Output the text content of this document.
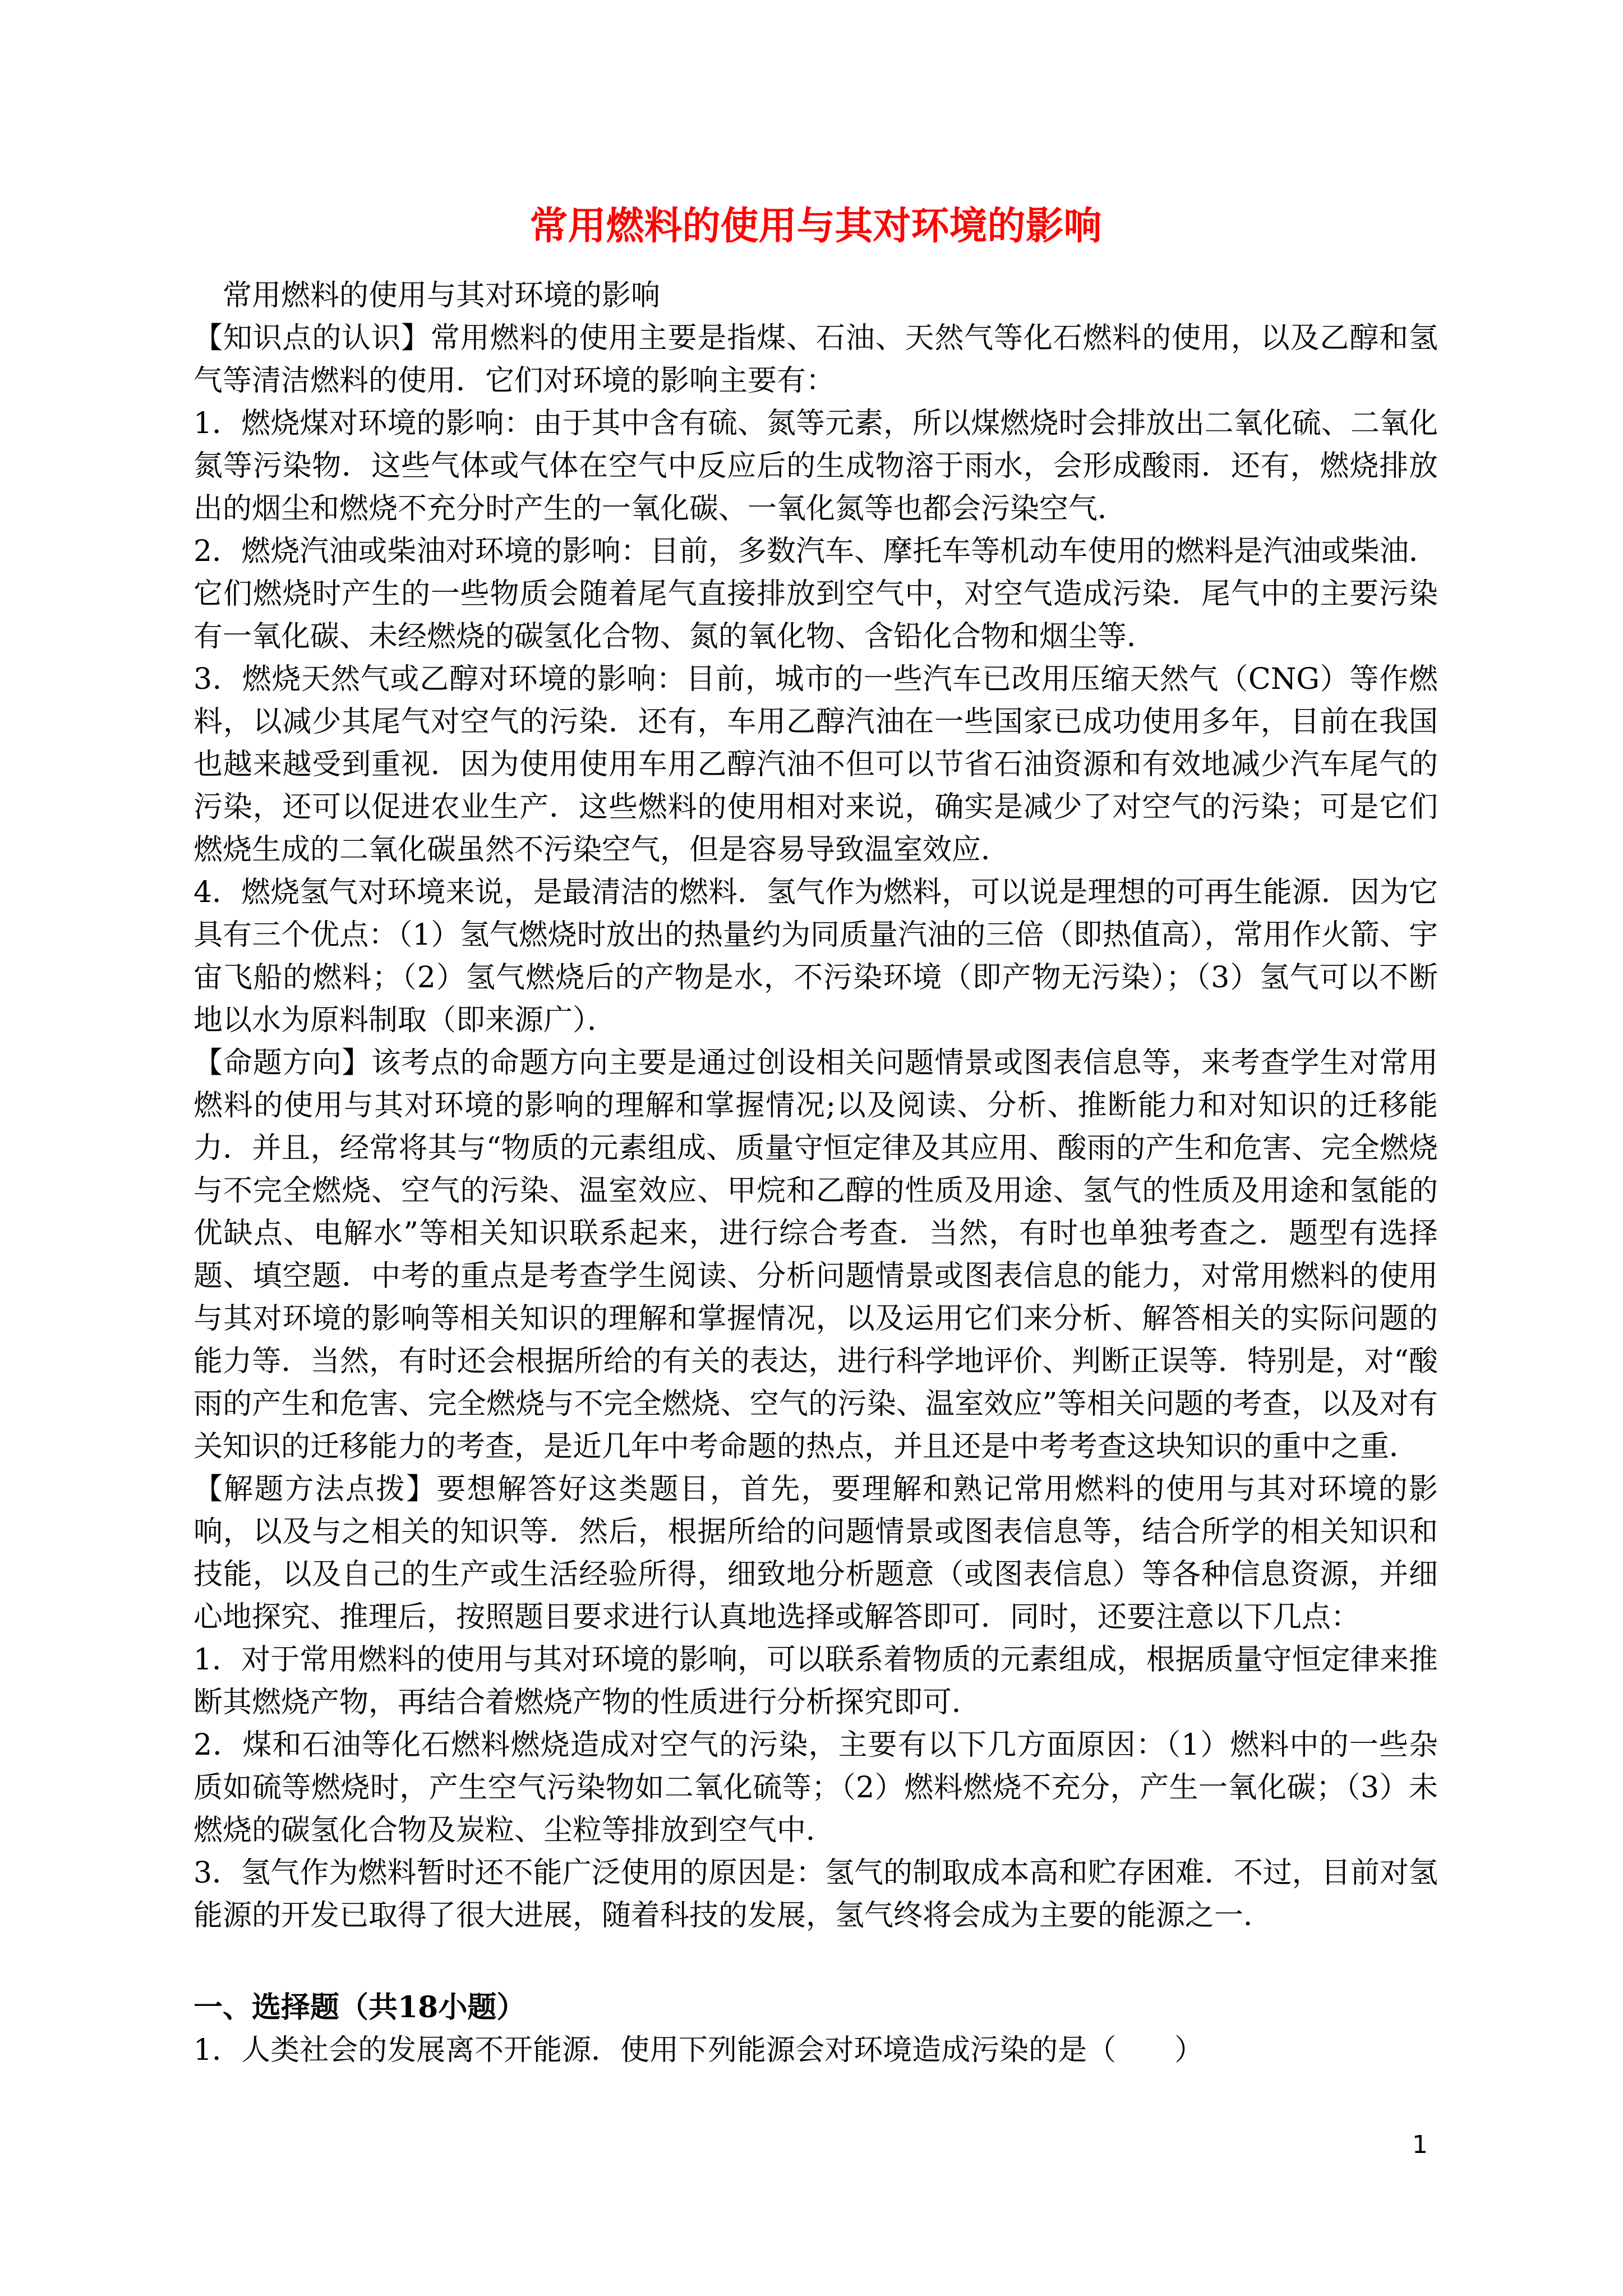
常用燃料的使用与其对环境的影响

常用燃料的使用与其对环境的影响

【知识点的认识】常用燃料的使用主要是指煤、石油、天然气等化石燃料的使用，以及乙醇和氢气等清洁燃料的使用．它们对环境的影响主要有：

1．燃烧煤对环境的影响：由于其中含有硫、氮等元素，所以煤燃烧时会排放出二氧化硫、二氧化氮等污染物．这些气体或气体在空气中反应后的生成物溶于雨水，会形成酸雨．还有，燃烧排放出的烟尘和燃烧不充分时产生的一氧化碳、一氧化氮等也都会污染空气．

2．燃烧汽油或柴油对环境的影响：目前，多数汽车、摩托车等机动车使用的燃料是汽油或柴油．它们燃烧时产生的一些物质会随着尾气直接排放到空气中，对空气造成污染．尾气中的主要污染有一氧化碳、未经燃烧的碳氢化合物、氮的氧化物、含铅化合物和烟尘等．

3．燃烧天然气或乙醇对环境的影响：目前，城市的一些汽车已改用压缩天然气（CNG）等作燃料，以减少其尾气对空气的污染．还有，车用乙醇汽油在一些国家已成功使用多年，目前在我国也越来越受到重视．因为使用使用车用乙醇汽油不但可以节省石油资源和有效地减少汽车尾气的污染，还可以促进农业生产．这些燃料的使用相对来说，确实是减少了对空气的污染；可是它们燃烧生成的二氧化碳虽然不污染空气，但是容易导致温室效应．

4．燃烧氢气对环境来说，是最清洁的燃料．氢气作为燃料，可以说是理想的可再生能源．因为它具有三个优点：（1）氢气燃烧时放出的热量约为同质量汽油的三倍（即热值高），常用作火箭、宇宙飞船的燃料；（2）氢气燃烧后的产物是水，不污染环境（即产物无污染）；（3）氢气可以不断地以水为原料制取（即来源广）．

【命题方向】该考点的命题方向主要是通过创设相关问题情景或图表信息等，来考查学生对常用燃料的使用与其对环境的影响的理解和掌握情况;以及阅读、分析、推断能力和对知识的迁移能力．并且，经常将其与“物质的元素组成、质量守恒定律及其应用、酸雨的产生和危害、完全燃烧与不完全燃烧、空气的污染、温室效应、甲烷和乙醇的性质及用途、氢气的性质及用途和氢能的优缺点、电解水”等相关知识联系起来，进行综合考查．当然，有时也单独考查之．题型有选择题、填空题．中考的重点是考查学生阅读、分析问题情景或图表信息的能力，对常用燃料的使用与其对环境的影响等相关知识的理解和掌握情况，以及运用它们来分析、解答相关的实际问题的能力等．当然，有时还会根据所给的有关的表达，进行科学地评价、判断正误等．特别是，对“酸雨的产生和危害、完全燃烧与不完全燃烧、空气的污染、温室效应”等相关问题的考查，以及对有关知识的迁移能力的考查，是近几年中考命题的热点，并且还是中考考查这块知识的重中之重．

【解题方法点拨】要想解答好这类题目，首先，要理解和熟记常用燃料的使用与其对环境的影响，以及与之相关的知识等．然后，根据所给的问题情景或图表信息等，结合所学的相关知识和技能，以及自己的生产或生活经验所得，细致地分析题意（或图表信息）等各种信息资源，并细心地探究、推理后，按照题目要求进行认真地选择或解答即可．同时，还要注意以下几点：

1．对于常用燃料的使用与其对环境的影响，可以联系着物质的元素组成，根据质量守恒定律来推断其燃烧产物，再结合着燃烧产物的性质进行分析探究即可．

2．煤和石油等化石燃料燃烧造成对空气的污染，主要有以下几方面原因：（1）燃料中的一些杂质如硫等燃烧时，产生空气污染物如二氧化硫等；（2）燃料燃烧不充分，产生一氧化碳；（3）未燃烧的碳氢化合物及炭粒、尘粒等排放到空气中．

3．氢气作为燃料暂时还不能广泛使用的原因是：氢气的制取成本高和贮存困难．不过，目前对氢能源的开发已取得了很大进展，随着科技的发展，氢气终将会成为主要的能源之一．

一、选择题（共18小题）

1．人类社会的发展离不开能源．使用下列能源会对环境造成污染的是（　　）

1
